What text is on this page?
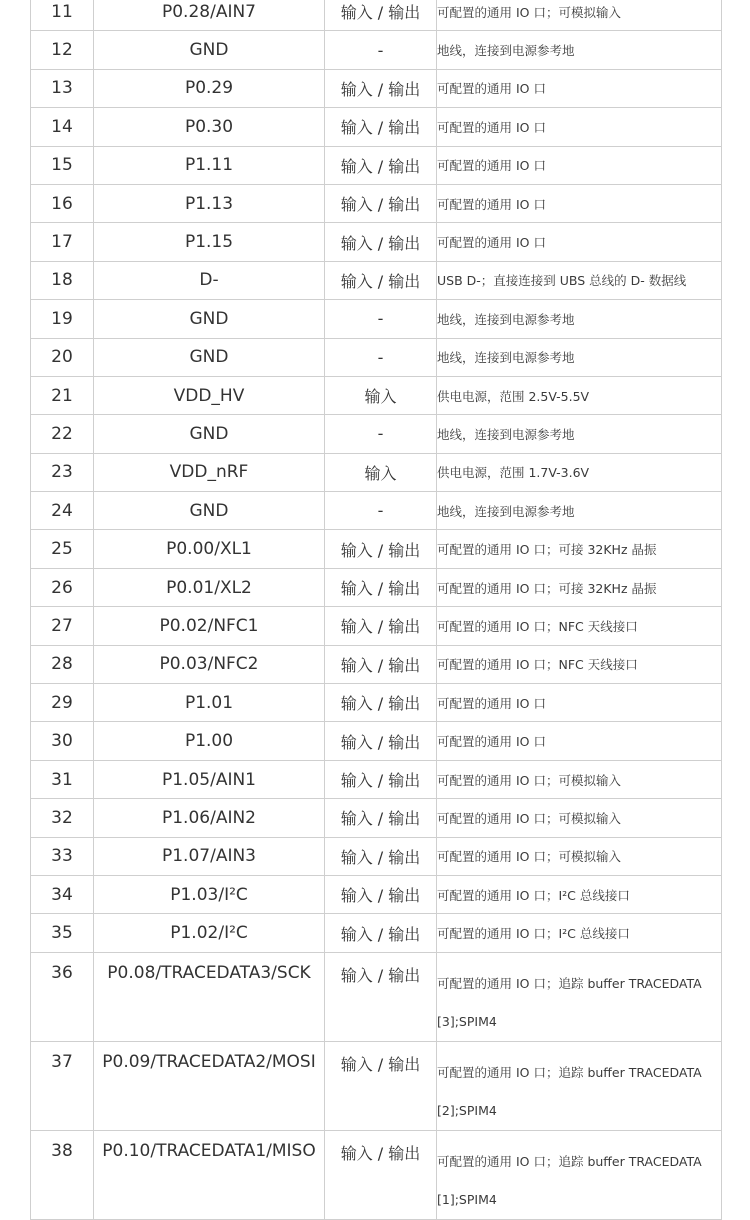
11	P0.28/AIN7	输入 / 输出	可配置的通用 IO 口；可模拟输入

12	GND	-	地线，连接到电源参考地

13	P0.29	输入 / 输出	可配置的通用 IO 口

14	P0.30	输入 / 输出	可配置的通用 IO 口

15	P1.11	输入 / 输出	可配置的通用 IO 口

16	P1.13	输入 / 输出	可配置的通用 IO 口

17	P1.15	输入 / 输出	可配置的通用 IO 口

18	D-	输入 / 输出	USB D-；直接连接到 UBS 总线的 D- 数据线

19	GND	-	地线，连接到电源参考地

20	GND	-	地线，连接到电源参考地

21	VDD_HV	输入	供电电源，范围 2.5V-5.5V

22	GND	-	地线，连接到电源参考地

23	VDD_nRF	输入	供电电源，范围 1.7V-3.6V

24	GND	-	地线，连接到电源参考地

25	P0.00/XL1	输入 / 输出	可配置的通用 IO 口；可接 32KHz 晶振

26	P0.01/XL2	输入 / 输出	可配置的通用 IO 口；可接 32KHz 晶振

27	P0.02/NFC1	输入 / 输出	可配置的通用 IO 口；NFC 天线接口

28	P0.03/NFC2	输入 / 输出	可配置的通用 IO 口；NFC 天线接口

29	P1.01	输入 / 输出	可配置的通用 IO 口

30	P1.00	输入 / 输出	可配置的通用 IO 口

31	P1.05/AIN1	输入 / 输出	可配置的通用 IO 口；可模拟输入

32	P1.06/AIN2	输入 / 输出	可配置的通用 IO 口；可模拟输入

33	P1.07/AIN3	输入 / 输出	可配置的通用 IO 口；可模拟输入

34	P1.03/I²C	输入 / 输出	可配置的通用 IO 口；I²C 总线接口

35	P1.02/I²C	输入 / 输出	可配置的通用 IO 口；I²C 总线接口

36	P0.08/TRACEDATA3/SCK	输入 / 输出	可配置的通用 IO 口；追踪 buffer TRACEDATA
[3];SPIM4

37	P0.09/TRACEDATA2/MOSI	输入 / 输出	可配置的通用 IO 口；追踪 buffer TRACEDATA
[2];SPIM4

38	P0.10/TRACEDATA1/MISO	输入 / 输出	可配置的通用 IO 口；追踪 buffer TRACEDATA
[1];SPIM4
